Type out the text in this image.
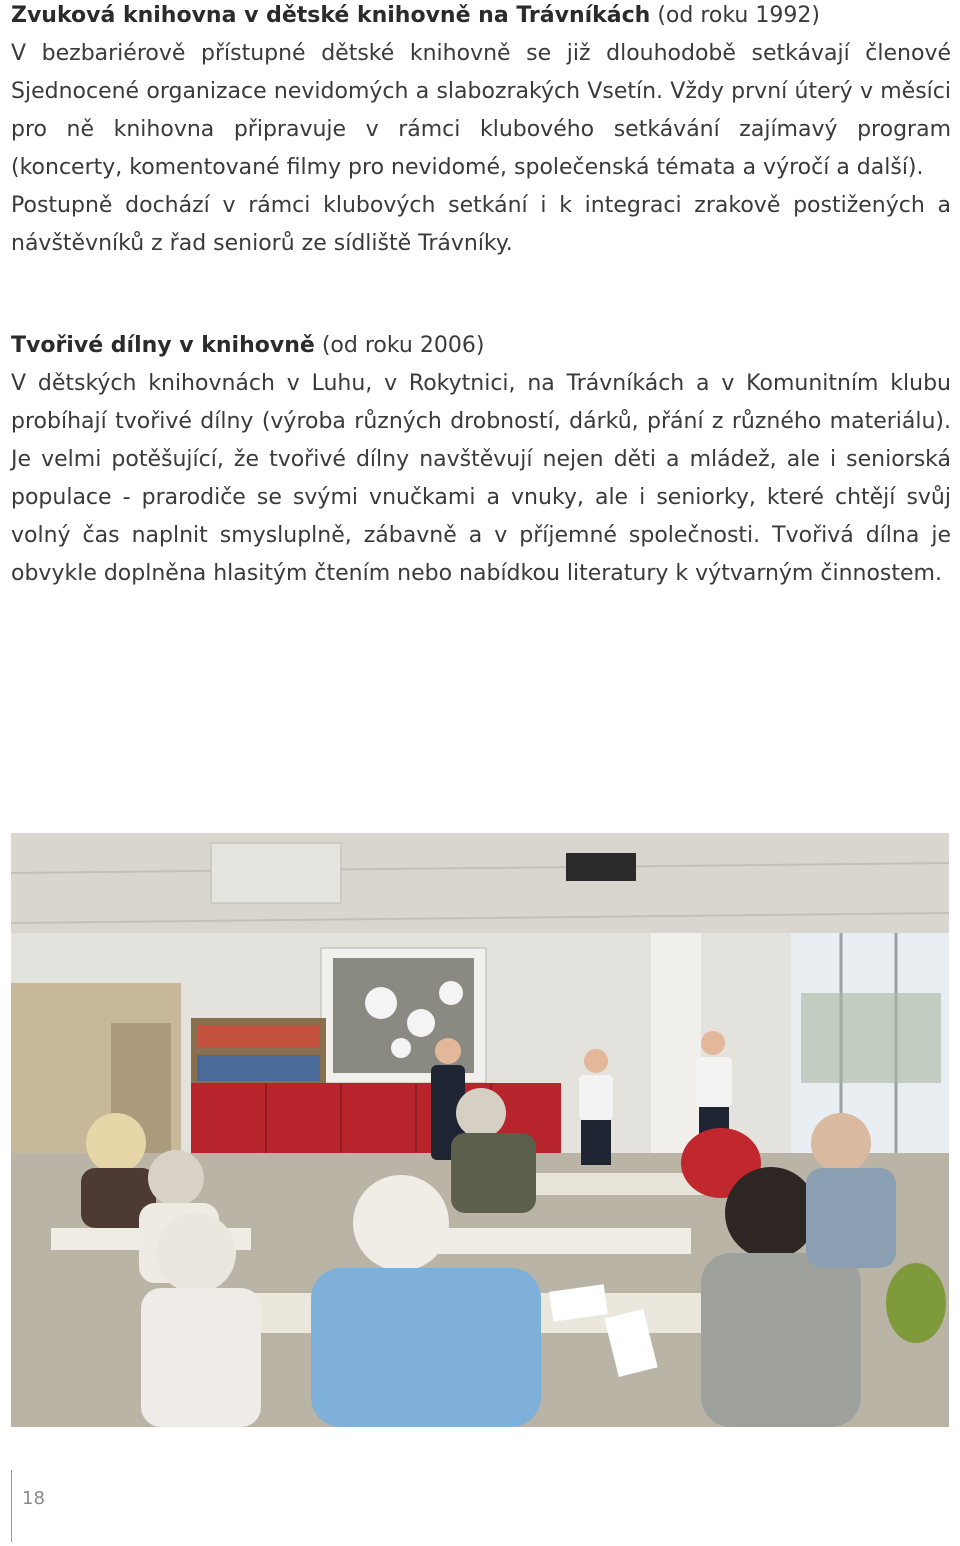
Zvuková knihovna v dětské knihovně na Trávníkách (od roku 1992)

V bezbariérově přístupné dětské knihovně se již dlouhodobě setkávají členové Sjednocené organizace nevidomých a slabozrakých Vsetín. Vždy první úterý v měsíci pro ně knihovna připravuje v rámci klubového setkávání zajímavý program (koncerty, komentované filmy pro nevidomé, společenská témata a výročí a další).

Postupně dochází v rámci klubových setkání i k integraci zrakově postižených a návštěvníků z řad seniorů ze sídliště Trávníky.

Tvořivé dílny v knihovně (od roku 2006)

V dětských knihovnách v Luhu, v Rokytnici, na Trávníkách a v Komunitním klubu probíhají tvořivé dílny (výroba různých drobností, dárků, přání z různého materiálu). Je velmi potěšující, že tvořivé dílny navštěvují nejen děti a mládež, ale i seniorská populace - prarodiče se svými vnučkami a vnuky, ale i seniorky, které chtějí svůj volný čas naplnit smysluplně, zábavně a v příjemné společnosti. Tvořivá dílna je obvykle doplněna hlasitým čtením nebo nabídkou literatury k výtvarným činnostem.

18
